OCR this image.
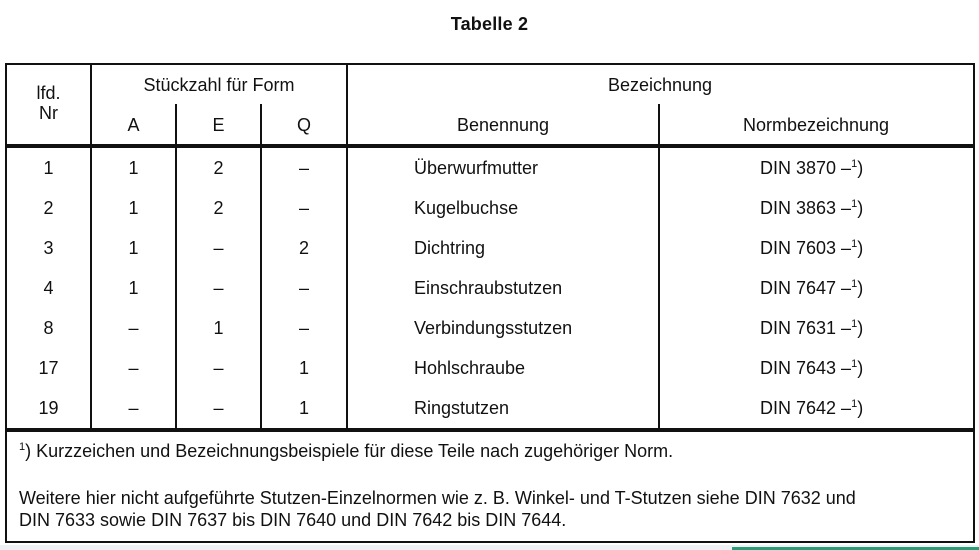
Tabelle 2
lfd.
Nr
Stückzahl für Form
A	E	Q
Bezeichnung
Benennung	Normbezeichnung
1	1	2	–	Überwurfmutter	DIN 3870 –$^1$)
2	1	2	–	Kugelbuchse	DIN 3863 –$^1$)
3	1	–	2	Dichtring	DIN 7603 –$^1$)
4	1	–	–	Einschraubstutzen	DIN 7647 –$^1$)
8	–	1	–	Verbindungsstutzen	DIN 7631 –$^1$)
17	–	–	1	Hohlschraube	DIN 7643 –$^1$)
19	–	–	1	Ringstutzen	DIN 7642 –$^1$)
$^1$) Kurzzeichen und Bezeichnungsbeispiele für diese Teile nach zugehöriger Norm.
Weitere hier nicht aufgeführte Stutzen-Einzelnormen wie z. B. Winkel- und T-Stutzen siehe DIN 7632 und
DIN 7633 sowie DIN 7637 bis DIN 7640 und DIN 7642 bis DIN 7644.
